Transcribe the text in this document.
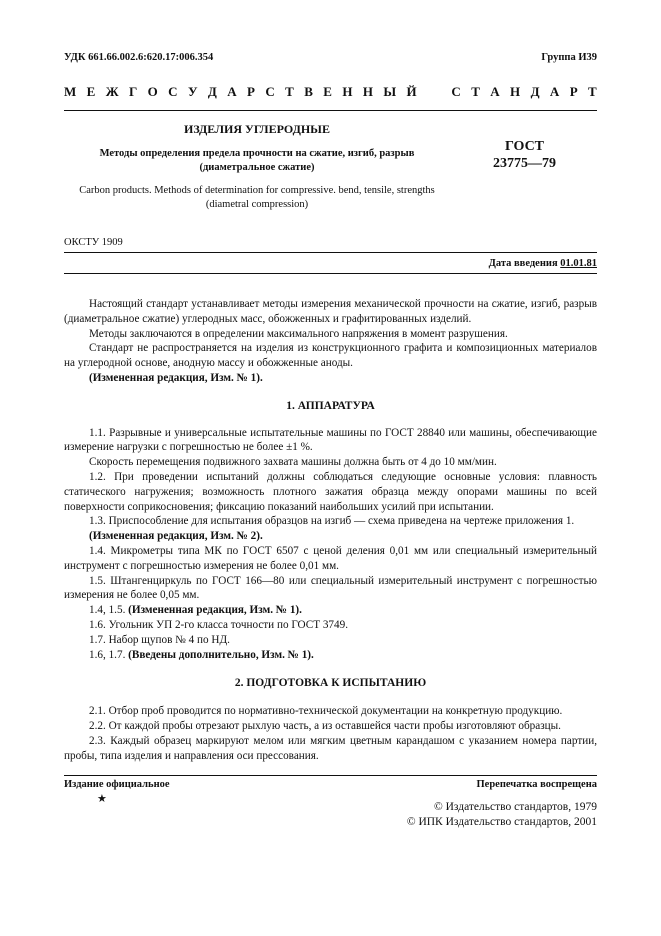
УДК 661.66.002.6:620.17:006.354	Группа И39
М Е Ж Г О С У Д А Р С Т В Е Н Н Ы Й	С Т А Н Д А Р Т
ИЗДЕЛИЯ УГЛЕРОДНЫЕ
Методы определения предела прочности на сжатие, изгиб, разрыв
(диаметральное сжатие)
Carbon products. Methods of determination for compressive. bend, tensile, strengths
(diametral compression)
ГОСТ
23775—79
ОКСТУ 1909
Дата введения 01.01.81

Настоящий стандарт устанавливает методы измерения механической прочности на сжатие, изгиб, разрыв (диаметральное сжатие) углеродных масс, обожженных и графитированных изделий.

Методы заключаются в определении максимального напряжения в момент разрушения.

Стандарт не распространяется на изделия из конструкционного графита и композиционных материалов на углеродной основе, анодную массу и обожженные аноды.

(Измененная редакция, Изм. № 1).

1. АППАРАТУРА

1.1. Разрывные и универсальные испытательные машины по ГОСТ 28840 или машины, обеспечивающие измерение нагрузки с погрешностью не более ±1 %.

Скорость перемещения подвижного захвата машины должна быть от 4 до 10 мм/мин.

1.2. При проведении испытаний должны соблюдаться следующие основные условия: плавность статического нагружения; возможность плотного зажатия образца между опорами машины по всей поверхности соприкосновения; фиксацию показаний наибольших усилий при испытании.

1.3. Приспособление для испытания образцов на изгиб — схема приведена на чертеже приложения 1.

(Измененная редакция, Изм. № 2).

1.4. Микрометры типа МК по ГОСТ 6507 с ценой деления 0,01 мм или специальный измерительный инструмент с погрешностью измерения не более 0,01 мм.

1.5. Штангенциркуль по ГОСТ 166—80 или специальный измерительный инструмент с погрешностью измерения не более 0,05 мм.

1.4, 1.5. (Измененная редакция, Изм. № 1).

1.6. Угольник УП 2-го класса точности по ГОСТ 3749.

1.7. Набор щупов № 4 по НД.

1.6, 1.7. (Введены дополнительно, Изм. № 1).

2. ПОДГОТОВКА К ИСПЫТАНИЮ

2.1. Отбор проб проводится по нормативно-технической документации на конкретную продукцию.

2.2. От каждой пробы отрезают рыхлую часть, а из оставшейся части пробы изготовляют образцы.

2.3. Каждый образец маркируют мелом или мягким цветным карандашом с указанием номера партии, пробы, типа изделия и направления оси прессования.

Издание официальное	Перепечатка воспрещена
★
© Издательство стандартов, 1979
© ИПК Издательство стандартов, 2001
